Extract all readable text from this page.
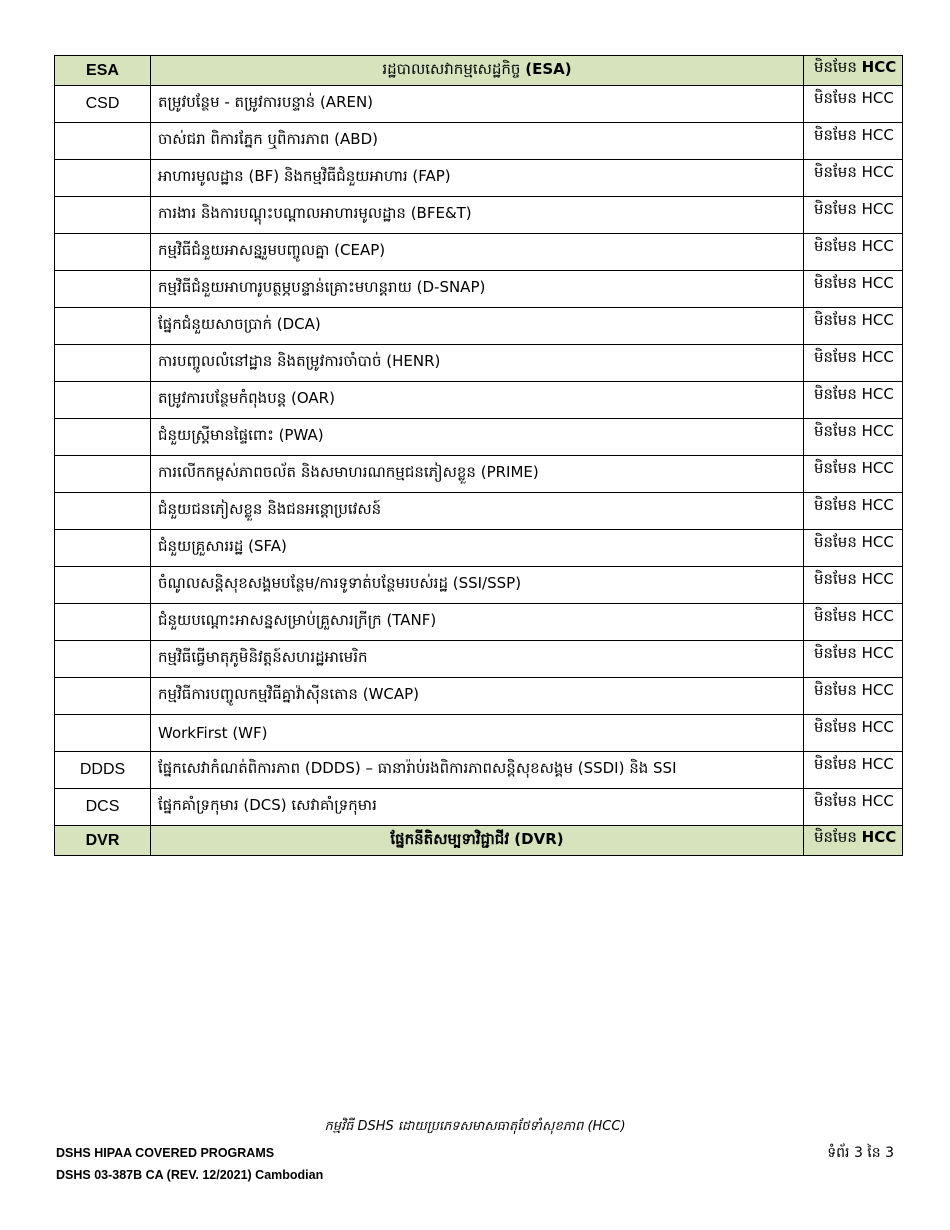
ESA	រដ្ឋបាលសេវាកម្មសេដ្ឋកិច្ច (ESA)	មិនមែន HCC
CSD	តម្រូវបន្ថែម - តម្រូវការបន្ទាន់ (AREN)	មិនមែន HCC
	ចាស់ជរា ពិការភ្នែក ឬពិការភាព (ABD)	មិនមែន HCC
	អាហារមូលដ្ឋាន (BF) និងកម្មវិធីជំនួយអាហារ (FAP)	មិនមែន HCC
	ការងារ និងការបណ្តុះបណ្តាលអាហារមូលដ្ឋាន (BFE&T)	មិនមែន HCC
	កម្មវិធីជំនួយអាសន្នរួមបញ្ចូលគ្នា (CEAP)	មិនមែន HCC
	កម្មវិធីជំនួយអាហារូបត្ថម្ភបន្ទាន់គ្រោះមហន្តរាយ (D-SNAP)	មិនមែន HCC
	ផ្នែកជំនួយសាចប្រាក់ (DCA)	មិនមែន HCC
	ការបញ្ចូលលំនៅដ្ឋាន និងតម្រូវការចាំបាច់ (HENR)	មិនមែន HCC
	តម្រូវការបន្ថែមកំពុងបន្ត (OAR)	មិនមែន HCC
	ជំនួយស្ត្រីមានផ្ទៃពោះ (PWA)	មិនមែន HCC
	ការលើកកម្ពស់ភាពចល័ត និងសមាហរណកម្មជនភៀសខ្លួន (PRIME)	មិនមែន HCC
	ជំនួយជនភៀសខ្លួន និងជនអន្តោប្រវេសន៍	មិនមែន HCC
	ជំនួយគ្រួសាររដ្ឋ (SFA)	មិនមែន HCC
	ចំណូលសន្តិសុខសង្គមបន្ថែម/ការទូទាត់បន្ថែមរបស់រដ្ឋ (SSI/SSP)	មិនមែន HCC
	ជំនួយបណ្តោះអាសន្នសម្រាប់គ្រួសារក្រីក្រ (TANF)	មិនមែន HCC
	កម្មវិធីធ្វើមាតុភូមិនិវត្តន៍សហរដ្ឋអាមេរិក	មិនមែន HCC
	កម្មវិធីការបញ្ចូលកម្មវិធីគ្នាវ៉ាស៊ីនតោន (WCAP)	មិនមែន HCC
	WorkFirst (WF)	មិនមែន HCC
DDDS	ផ្នែកសេវាកំណត់ពិការភាព (DDDS) – ធានារ៉ាប់រងពិការភាពសន្តិសុខសង្គម (SSDI) និង SSI	មិនមែន HCC
DCS	ផ្នែកគាំទ្រកុមារ (DCS) សេវាគាំទ្រកុមារ	មិនមែន HCC
DVR	ផ្នែកនីតិសម្បទាវិជ្ជាជីវ (DVR)	មិនមែន HCC
កម្មវិធី DSHS ដោយប្រភេទសមាសធាតុថែទាំសុខភាព (HCC)
DSHS HIPAA COVERED PROGRAMS
DSHS 03-387B CA (REV. 12/2021) Cambodian
ទំព័រ 3 នៃ 3
